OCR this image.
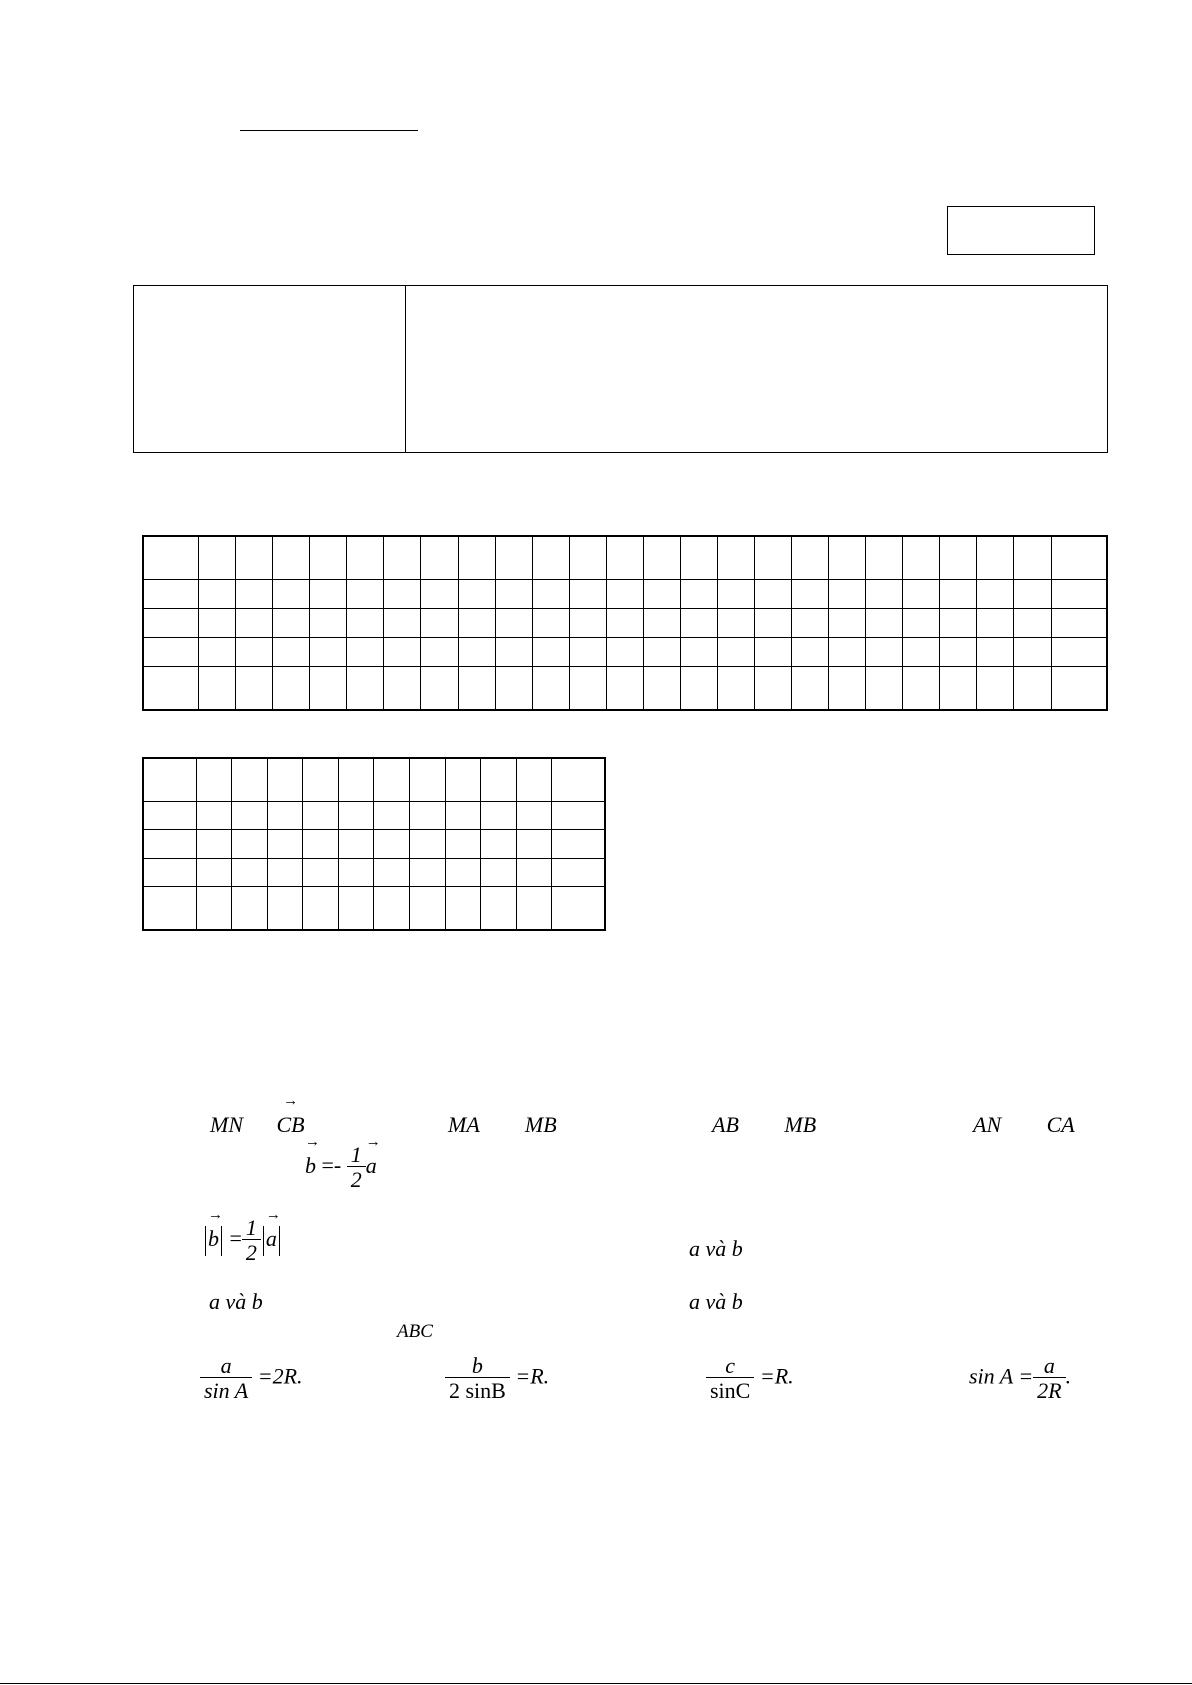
MN → CB	MA MB	AB MB	AN CA
→ $b =- \frac{1}{2}$
→ a
→ $b = \frac{1}{2}$
→ a	a và b
a và b	a và b
ABC
$\frac{a}{\text{sin A}} =2R$.	$\frac{b}{2 \sin B} =R$.	$\frac{c}{\sin C} =R$.	$\sin A = \frac{a}{2R}$ .
